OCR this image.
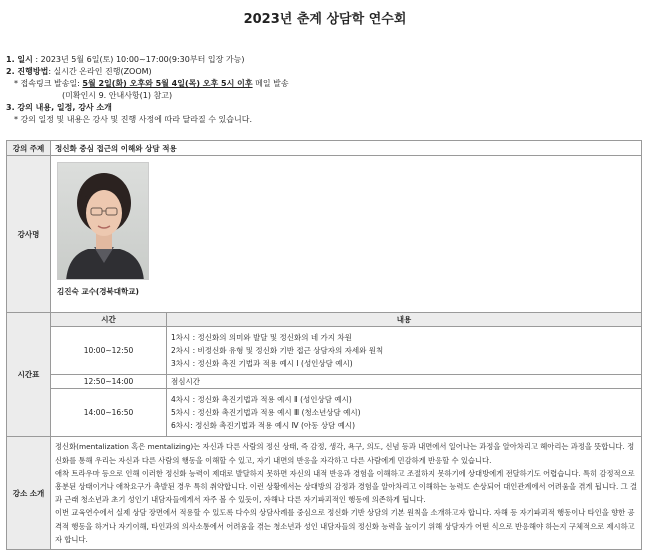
2023년 춘계 상담학 연수회
1. 일시 : 2023년 5월 6일(토) 10:00~17:00(9:30부터 입장 가능)
2. 진행방법: 실시간 온라인 진행(ZOOM)
* 접속링크 발송일: 5월 2일(화) 오후와 5월 4일(목) 오후 5시 이후 메일 발송
(미확인시 9. 안내사항(1) 참고)
3. 강의 내용, 일정, 강사 소개
* 강의 일정 및 내용은 강사 및 진행 사정에 따라 달라질 수 있습니다.
강의 주제	정신화 중심 접근의 이해와 상담 적용	
강사명	김진숙 교수(경북대학교)	

시간표	시간	내용
	10:00~12:50	1차시 : 정신화의 의미와 발달 및 정신화의 네 가지 차원
2차시 : 비정신화 유형 및 정신화 기반 접근 상담자의 자세와 원칙
3차시 : 정신화 촉진 기법과 적용 예시 Ⅰ (성인상담 예시)

	12:50~14:00	점심시간

	14:00~16:50	4차시 : 정신화 촉진기법과 적용 예시 Ⅱ (성인상담 예시)
5차시 : 정신화 촉진기법과 적용 예시 Ⅲ (청소년상담 예시)
6차시: 정신화 촉진기법과 적용 예시 Ⅳ (아동 상담 예시)

강소 소개	정신화(mentalization 혹은 mentalizing)는 자신과 다른 사람의 정신 상태, 즉 감정, 생각, 욕구, 의도, 신념 등과 내면에서 일어나는 과정을 알아차리고 헤아리는 과정을 뜻합니다. 정신화를 통해 우리는 자신과 다른 사람의 행동을 이해할 수 있고, 자기 내면의 반응을 자각하고 다른 사람에게 민감하게 반응할 수 있습니다.

애착 트라우마 등으로 인해 이러한 정신화 능력이 제대로 발달하지 못하면 자신의 내적 반응과 경험을 이해하고 조절하지 못하기에 상대방에게 전달하기도 어렵습니다. 특히 감정적으로 흥분된 상태이거나 애착요구가 촉발된 경우 특히 취약합니다. 이런 상황에서는 상대방의 감정과 경험을 알아차리고 이해하는 능력도 손상되어 대인관계에서 어려움을 겪게 됩니다. 그 결과 근래 청소년과 초기 성인기 내담자들에게서 자주 볼 수 있듯이, 자해나 다른 자기파괴적인 행동에 의존하게 됩니다.

이번 교육연수에서 실제 상담 장면에서 적용할 수 있도록 다수의 상담사례를 중심으로 정신화 기반 상담의 기본 원칙을 소개하고자 합니다. 자해 등 자기파괴적 행동이나 타인을 향한 공격적 행동을 하거나 자기이해, 타인과의 의사소통에서 어려움을 겪는 청소년과 성인 내담자들의 정신화 능력을 높이기 위해 상담자가 어떤 식으로 반응해야 하는지 구체적으로 제시하고자 합니다.	
